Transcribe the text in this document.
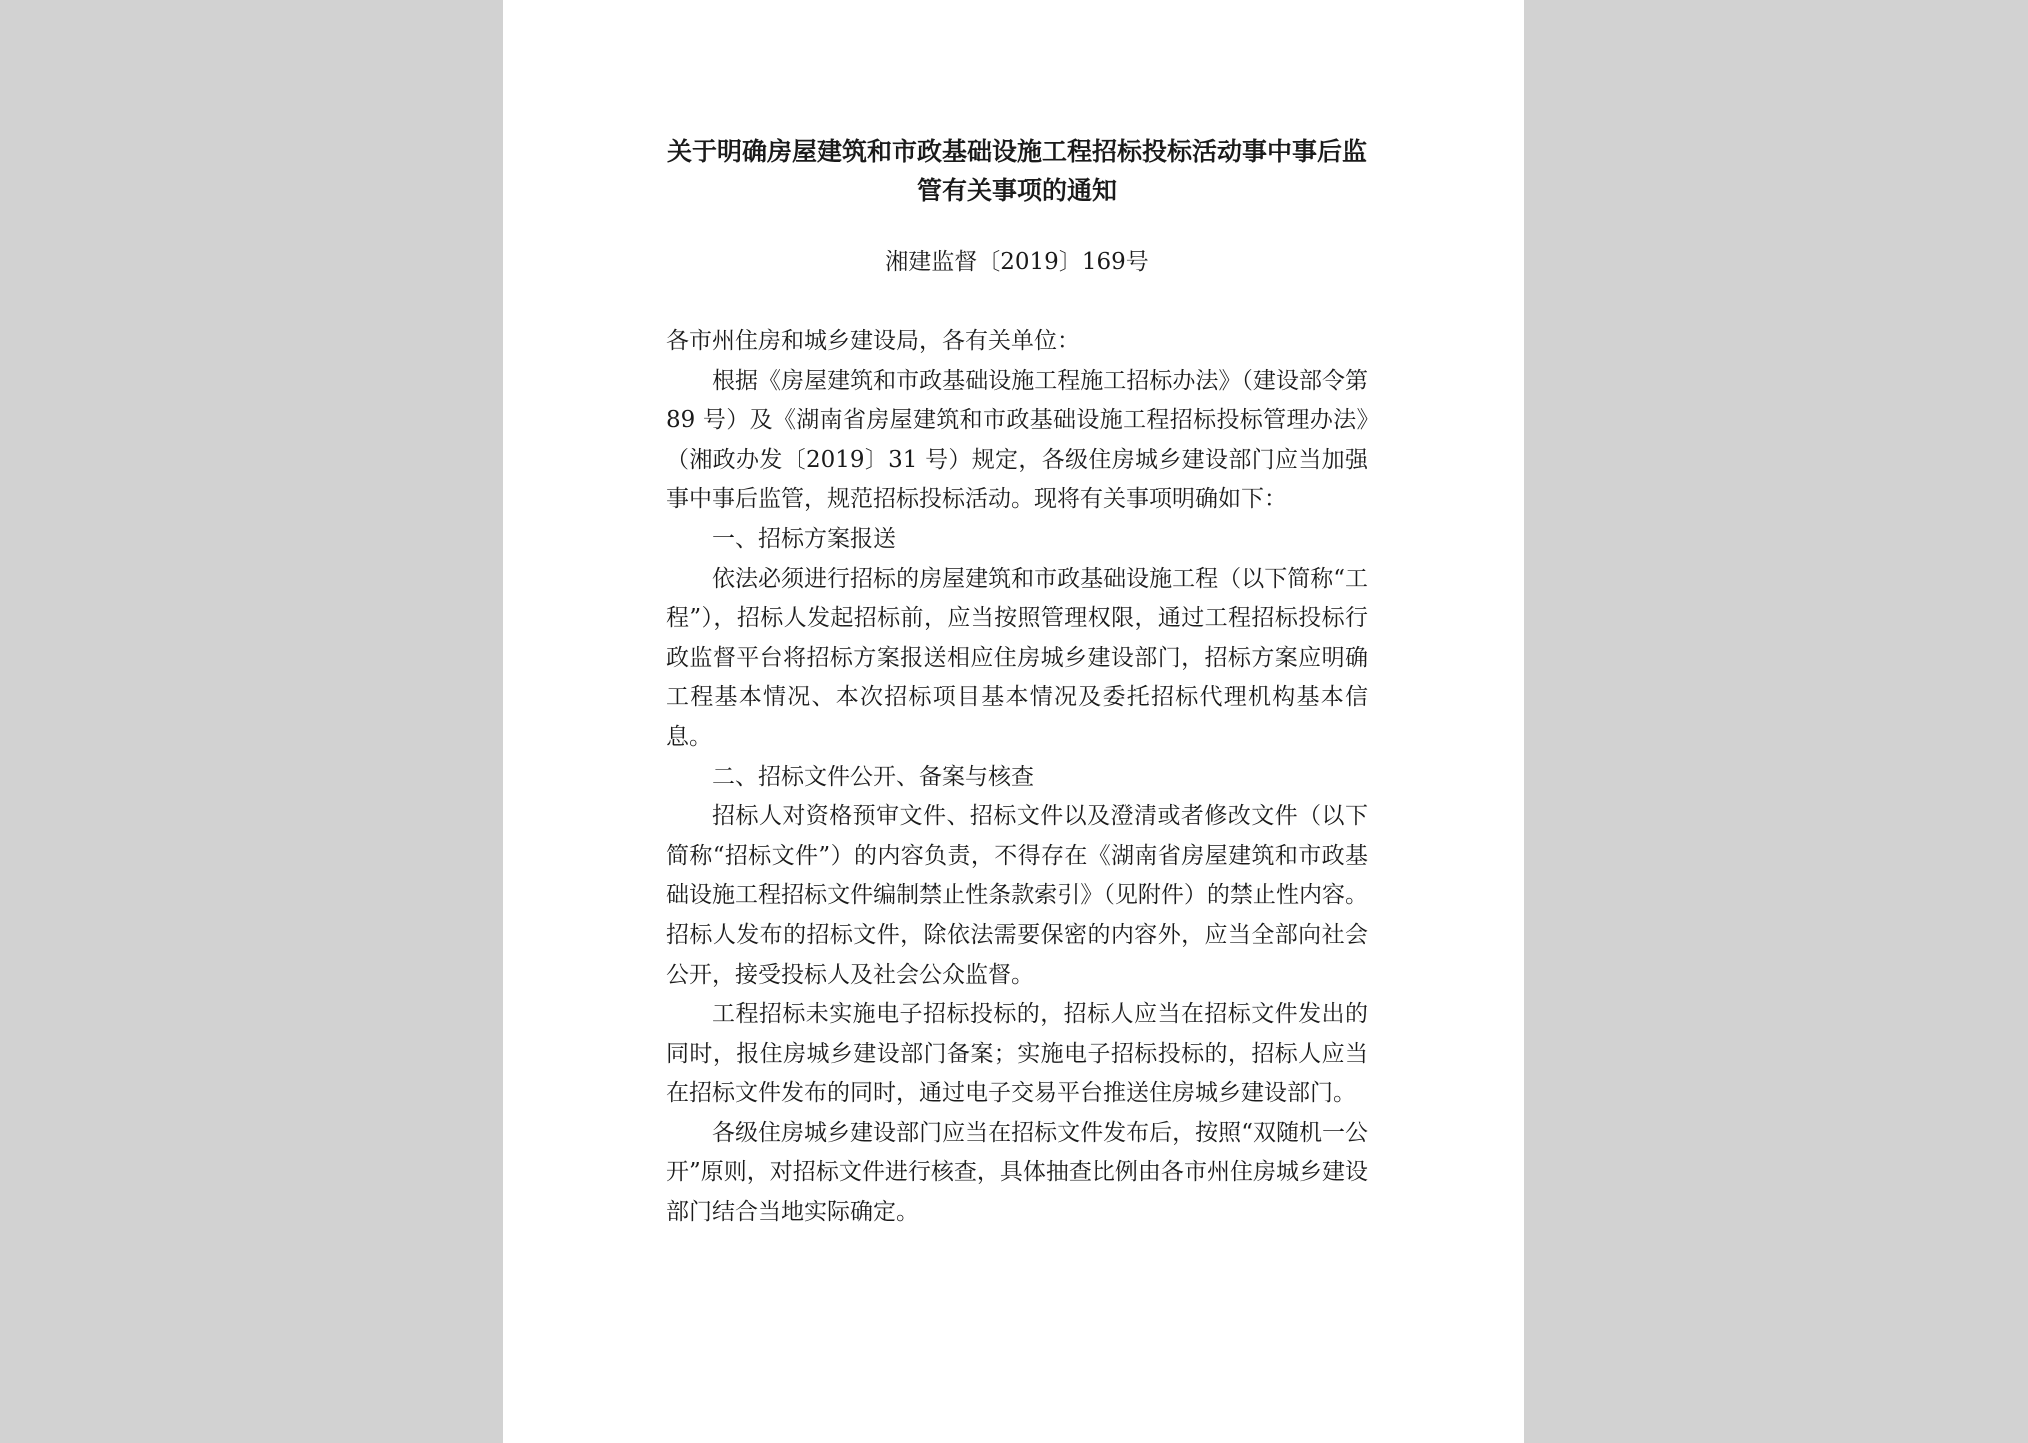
关于明确房屋建筑和市政基础设施工程招标投标活动事中事后监管有关事项的通知

湘建监督〔2019〕169号

各市州住房和城乡建设局，各有关单位：

根据《房屋建筑和市政基础设施工程施工招标办法》（建设部令第 89 号）及《湖南省房屋建筑和市政基础设施工程招标投标管理办法》（湘政办发〔2019〕31 号）规定，各级住房城乡建设部门应当加强事中事后监管，规范招标投标活动。现将有关事项明确如下：

一、招标方案报送

依法必须进行招标的房屋建筑和市政基础设施工程（以下简称“工程”），招标人发起招标前，应当按照管理权限，通过工程招标投标行政监督平台将招标方案报送相应住房城乡建设部门，招标方案应明确工程基本情况、本次招标项目基本情况及委托招标代理机构基本信息。

二、招标文件公开、备案与核查

招标人对资格预审文件、招标文件以及澄清或者修改文件（以下简称“招标文件”）的内容负责，不得存在《湖南省房屋建筑和市政基础设施工程招标文件编制禁止性条款索引》（见附件）的禁止性内容。招标人发布的招标文件，除依法需要保密的内容外，应当全部向社会公开，接受投标人及社会公众监督。

工程招标未实施电子招标投标的，招标人应当在招标文件发出的同时，报住房城乡建设部门备案；实施电子招标投标的，招标人应当在招标文件发布的同时，通过电子交易平台推送住房城乡建设部门。

各级住房城乡建设部门应当在招标文件发布后，按照“双随机一公开”原则，对招标文件进行核查，具体抽查比例由各市州住房城乡建设部门结合当地实际确定。
